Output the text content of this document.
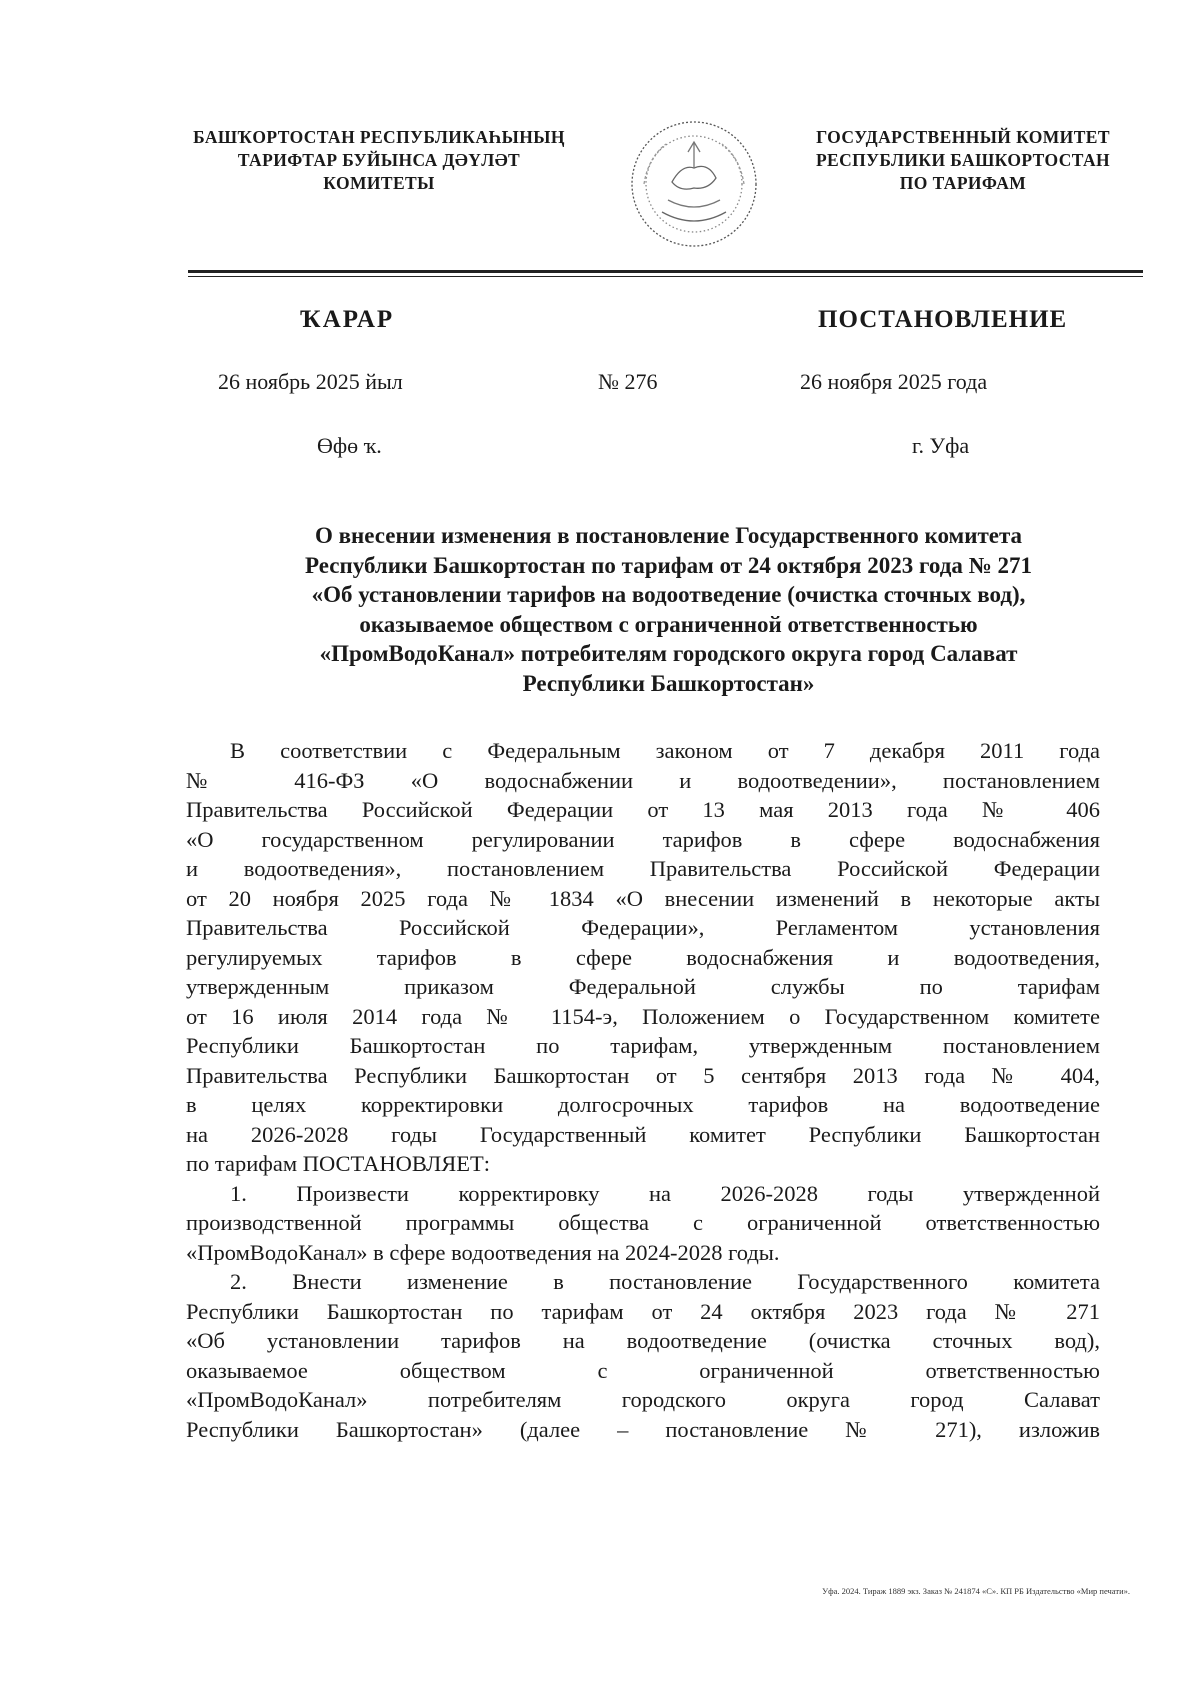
БАШҠОРТОСТАН РЕСПУБЛИКАҺЫНЫҢ
ТАРИФТАР БУЙЫНСА ДӘҮЛӘТ
КОМИТЕТЫ
ГОСУДАРСТВЕННЫЙ КОМИТЕТ
РЕСПУБЛИКИ БАШКОРТОСТАН
ПО ТАРИФАМ
ҠАРАР	ПОСТАНОВЛЕНИЕ
26 ноябрь 2025 йыл	№ 276	26 ноября 2025 года
Өфө ҡ.	г. Уфа
О внесении изменения в постановление Государственного комитета
Республики Башкортостан по тарифам от 24 октября 2023 года № 271
«Об установлении тарифов на водоотведение (очистка сточных вод),
оказываемое обществом с ограниченной ответственностью
«ПромВодоКанал» потребителям городского округа город Салават
Республики Башкортостан»
В соответствии с Федеральным законом от 7 декабря 2011 года
№ 416-ФЗ «О водоснабжении и водоотведении», постановлением
Правительства Российской Федерации от 13 мая 2013 года № 406
«О государственном регулировании тарифов в сфере водоснабжения
и водоотведения», постановлением Правительства Российской Федерации
от 20 ноября 2025 года № 1834 «О внесении изменений в некоторые акты
Правительства Российской Федерации», Регламентом установления
регулируемых тарифов в сфере водоснабжения и водоотведения,
утвержденным приказом Федеральной службы по тарифам
от 16 июля 2014 года № 1154-э, Положением о Государственном комитете
Республики Башкортостан по тарифам, утвержденным постановлением
Правительства Республики Башкортостан от 5 сентября 2013 года № 404,
в целях корректировки долгосрочных тарифов на водоотведение
на 2026-2028 годы Государственный комитет Республики Башкортостан
по тарифам ПОСТАНОВЛЯЕТ:
1. Произвести корректировку на 2026-2028 годы утвержденной
производственной программы общества с ограниченной ответственностью
«ПромВодоКанал» в сфере водоотведения на 2024-2028 годы.
2. Внести изменение в постановление Государственного комитета
Республики Башкортостан по тарифам от 24 октября 2023 года № 271
«Об установлении тарифов на водоотведение (очистка сточных вод),
оказываемое обществом с ограниченной ответственностью
«ПромВодоКанал» потребителям городского округа город Салават
Республики Башкортостан» (далее – постановление № 271), изложив
Уфа. 2024. Тираж 1889 экз. Заказ № 241874 «С». КП РБ Издательство «Мир печати».
